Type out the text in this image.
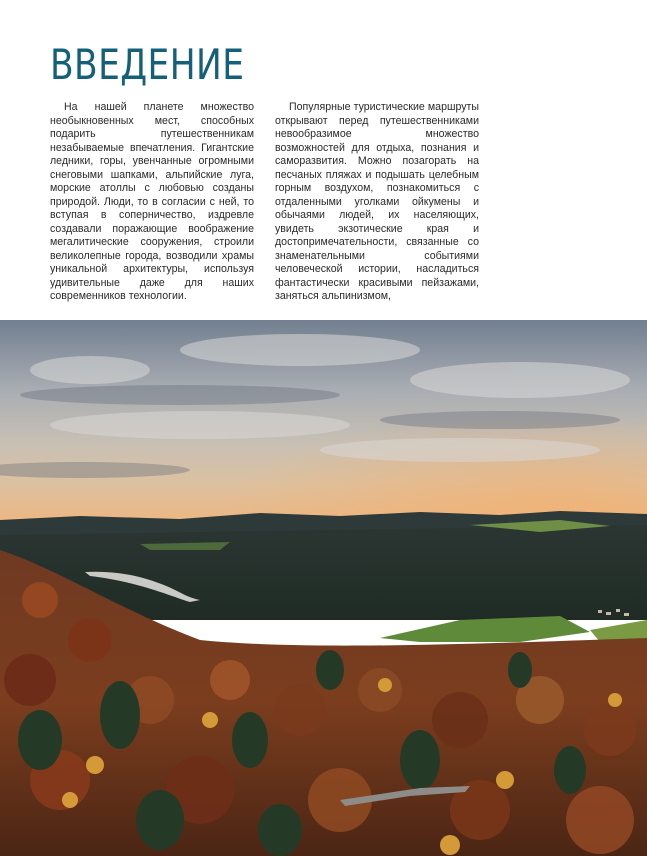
ВВЕДЕНИЕ

На нашей планете множество необыкновенных мест, способных подарить путешественникам незабываемые впечатления. Гигантские ледники, горы, увенчанные огромными снеговыми шапками, альпийские луга, морские атоллы с любовью созданы природой. Люди, то в согласии с ней, то вступая в соперничество, издревле создавали поражающие воображение мегалитические сооружения, строили великолепные города, возводили храмы уникальной архитектуры, используя удивительные даже для наших современников технологии.

Популярные туристические маршруты открывают перед путешественниками невообразимое множество возможностей для отдыха, познания и саморазвития. Можно позагорать на песчаных пляжах и подышать целебным горным воздухом, познакомиться с отдаленными уголками ойкумены и обычаями людей, их населяющих, увидеть экзотические края и достопримечательности, связанные со знаменательными событиями человеческой истории, насладиться фантастически красивыми пейзажами, заняться альпинизмом,
